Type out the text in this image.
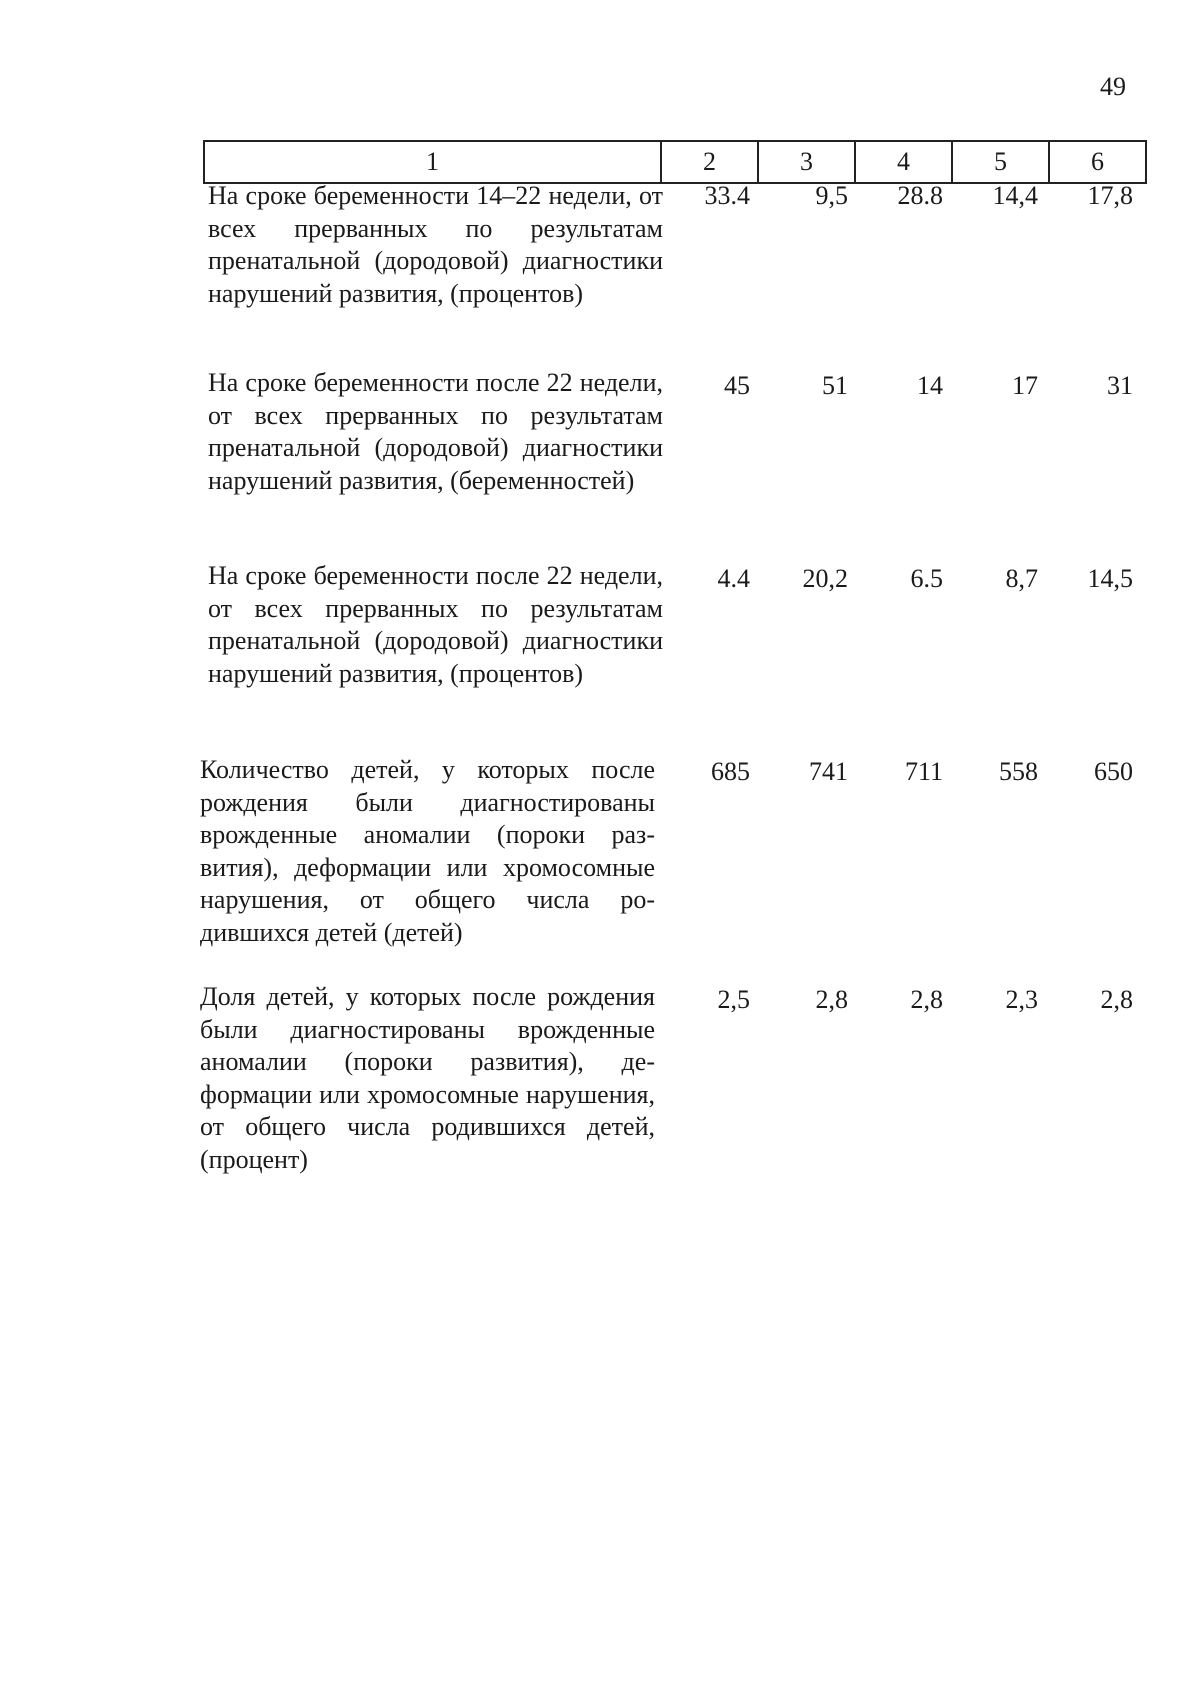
49
1	2	3	4	5	6
На сроке беременности 14–22 недели, от всех прерванных по результатам пренатальной (дородовой) диагностики нарушений развития, (процентов)
33.4	9,5	28.8	14,4	17,8
На сроке беременности после 22 недели, от всех прерванных по результатам пренатальной (дородовой) диагностики нарушений развития, (беременностей)
45	51	14	17	31
На сроке беременности после 22 недели, от всех прерванных по результатам пренатальной (дородовой) диагностики нарушений развития, (процентов)
4.4	20,2	6.5	8,7	14,5
Количество детей, у которых после рождения были диагностированы врожденные аномалии (пороки развития), деформации или хромосомные нарушения, от общего числа родившихся детей (детей)
685	741	711	558	650
Доля детей, у которых после рождения были диагностированы врожденные аномалии (пороки развития), деформации или хромосомные нарушения, от общего числа родившихся детей, (процент)
2,5	2,8	2,8	2,3	2,8
